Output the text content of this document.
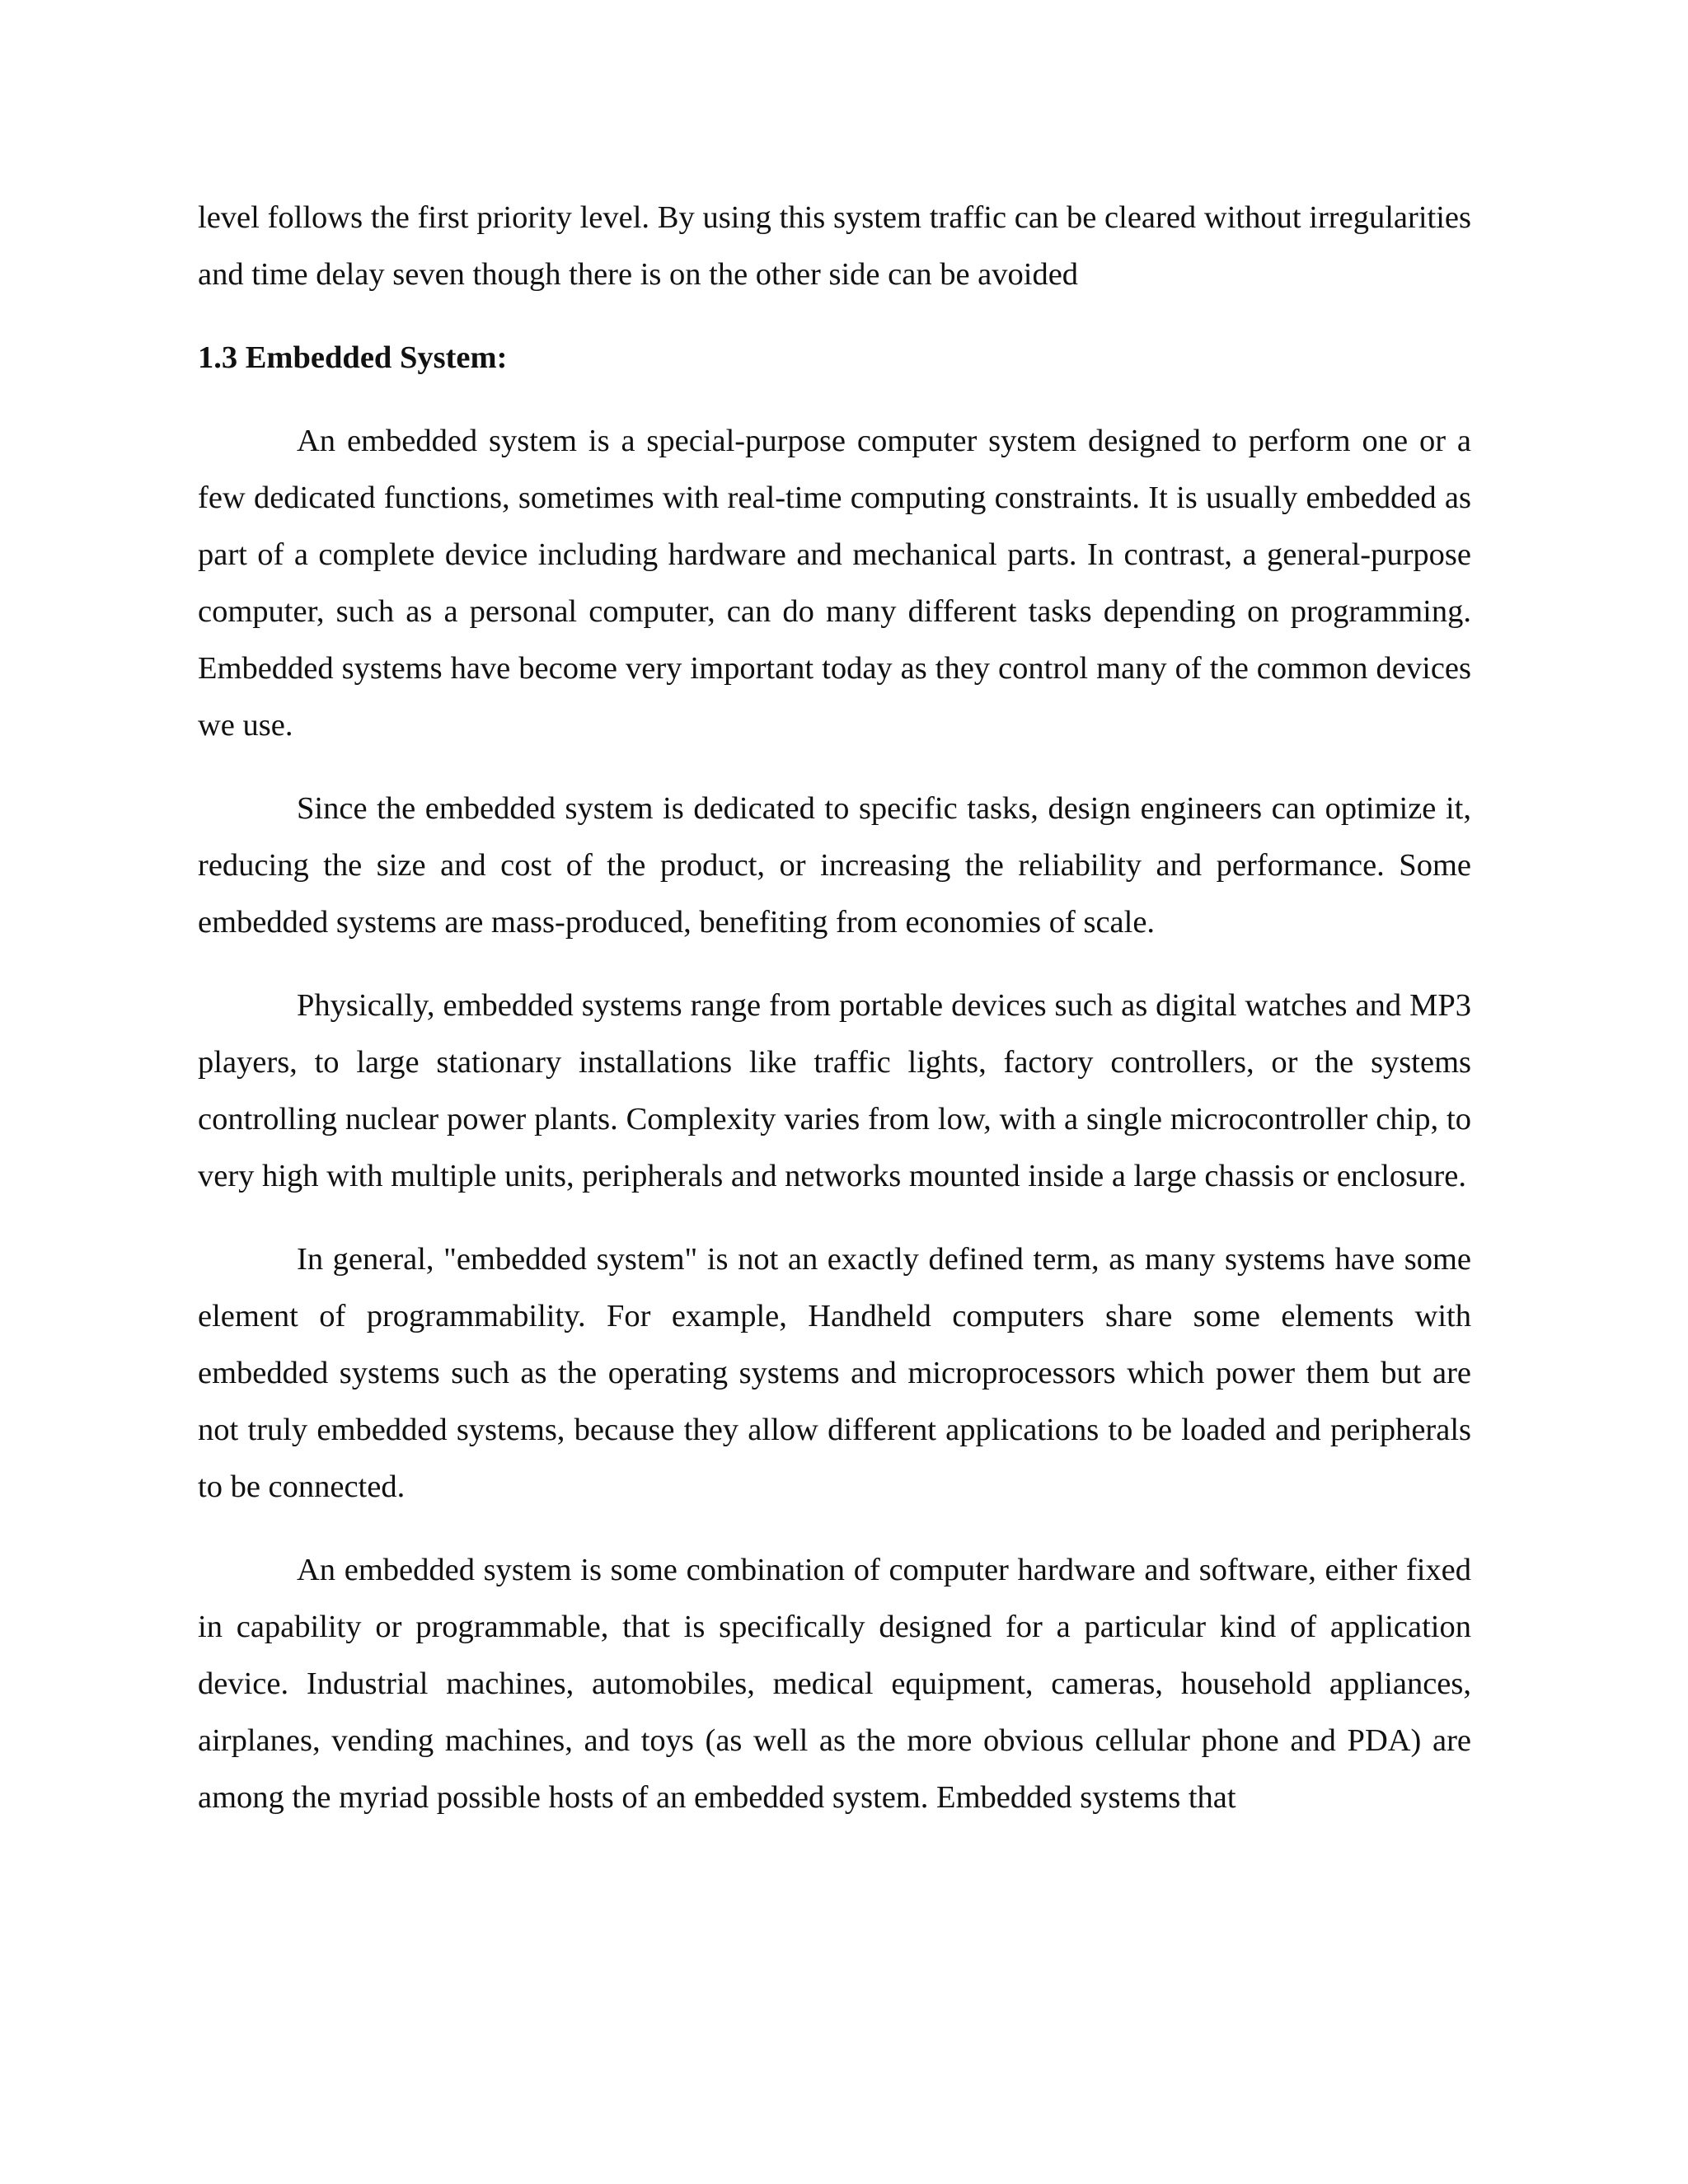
level follows the first priority level. By using this system traffic can be cleared without irregularities and time delay seven though there is on the other side can be avoided

1.3 Embedded System:

An embedded system is a special-purpose computer system designed to perform one or a few dedicated functions, sometimes with real-time computing constraints. It is usually embedded as part of a complete device including hardware and mechanical parts. In contrast, a general-purpose computer, such as a personal computer, can do many different tasks depending on programming. Embedded systems have become very important today as they control many of the common devices we use.

Since the embedded system is dedicated to specific tasks, design engineers can optimize it, reducing the size and cost of the product, or increasing the reliability and performance. Some embedded systems are mass-produced, benefiting from economies of scale.

Physically, embedded systems range from portable devices such as digital watches and MP3 players, to large stationary installations like traffic lights, factory controllers, or the systems controlling nuclear power plants. Complexity varies from low, with a single microcontroller chip, to very high with multiple units, peripherals and networks mounted inside a large chassis or enclosure.

In general, "embedded system" is not an exactly defined term, as many systems have some element of programmability. For example, Handheld computers share some elements with embedded systems such as the operating systems and microprocessors which power them but are not truly embedded systems, because they allow different applications to be loaded and peripherals to be connected.

An embedded system is some combination of computer hardware and software, either fixed in capability or programmable, that is specifically designed for a particular kind of application device. Industrial machines, automobiles, medical equipment, cameras, household appliances, airplanes, vending machines, and toys (as well as the more obvious cellular phone and PDA) are among the myriad possible hosts of an embedded system. Embedded systems that
